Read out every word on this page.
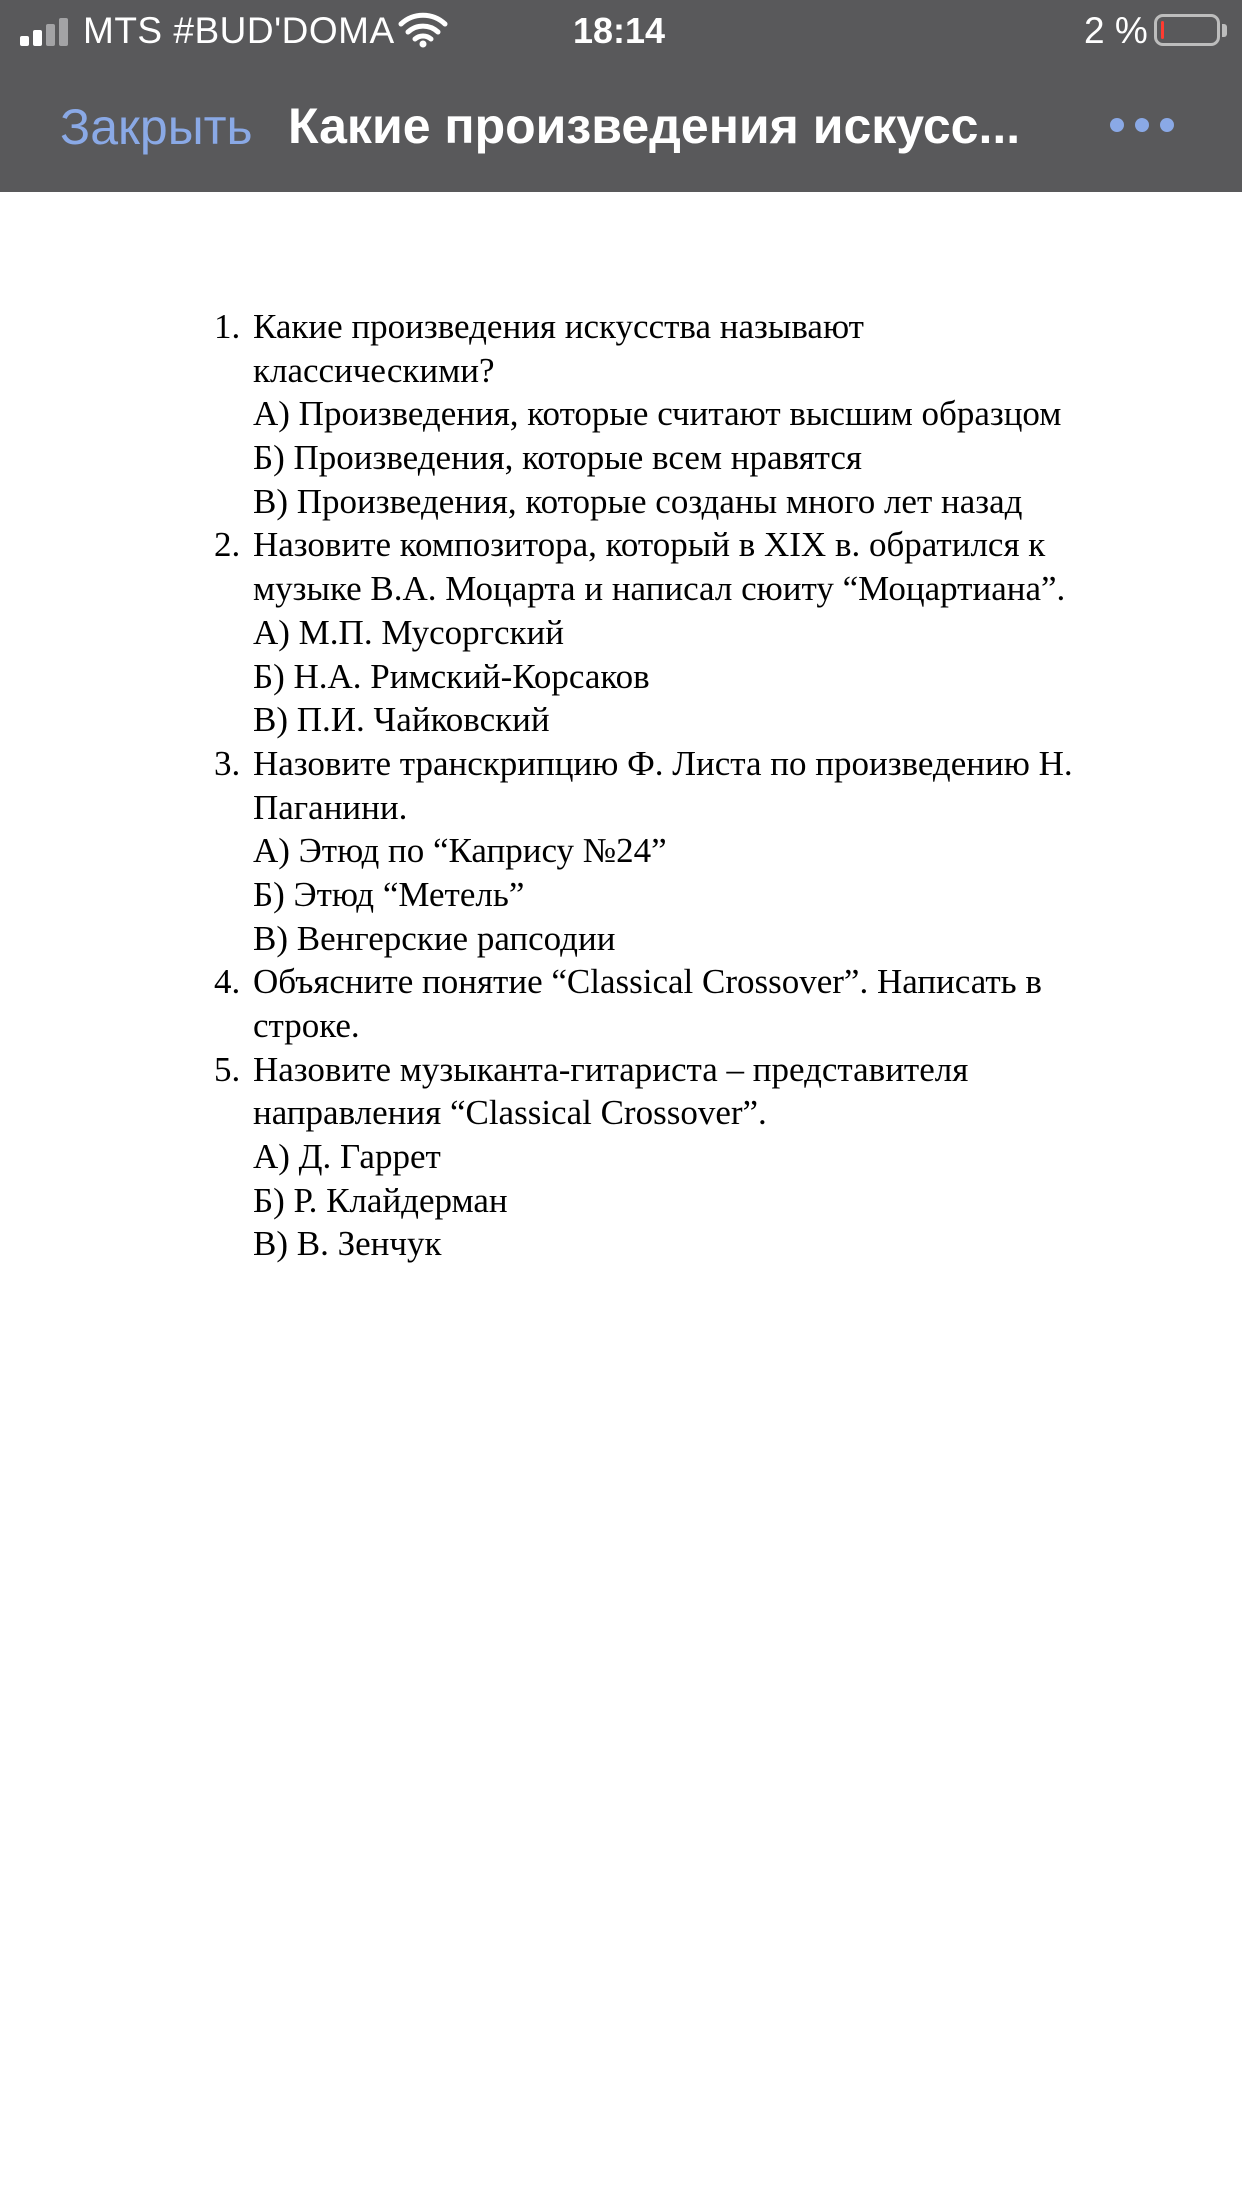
MTS #BUD'DOMA	18:14	2 %
Закрыть Какие произведения искусс...
1. Какие произведения искусства называют
классическими?
А) Произведения, которые считают высшим образцом
Б) Произведения, которые всем нравятся
В) Произведения, которые созданы много лет назад
2. Назовите композитора, который в XIX в. обратился к
музыке В.А. Моцарта и написал сюиту “Моцартиана”.
А) М.П. Мусоргский
Б) Н.А. Римский-Корсаков
В) П.И. Чайковский
3. Назовите транскрипцию Ф. Листа по произведению Н.
Паганини.
А) Этюд по “Капрису №24”
Б) Этюд “Метель”
В) Венгерские рапсодии
4. Объясните понятие “Classical Crossover”. Написать в
строке.
5. Назовите музыканта-гитариста – представителя
направления “Classical Crossover”.
А) Д. Гаррет
Б) Р. Клайдерман
В) В. Зенчук
